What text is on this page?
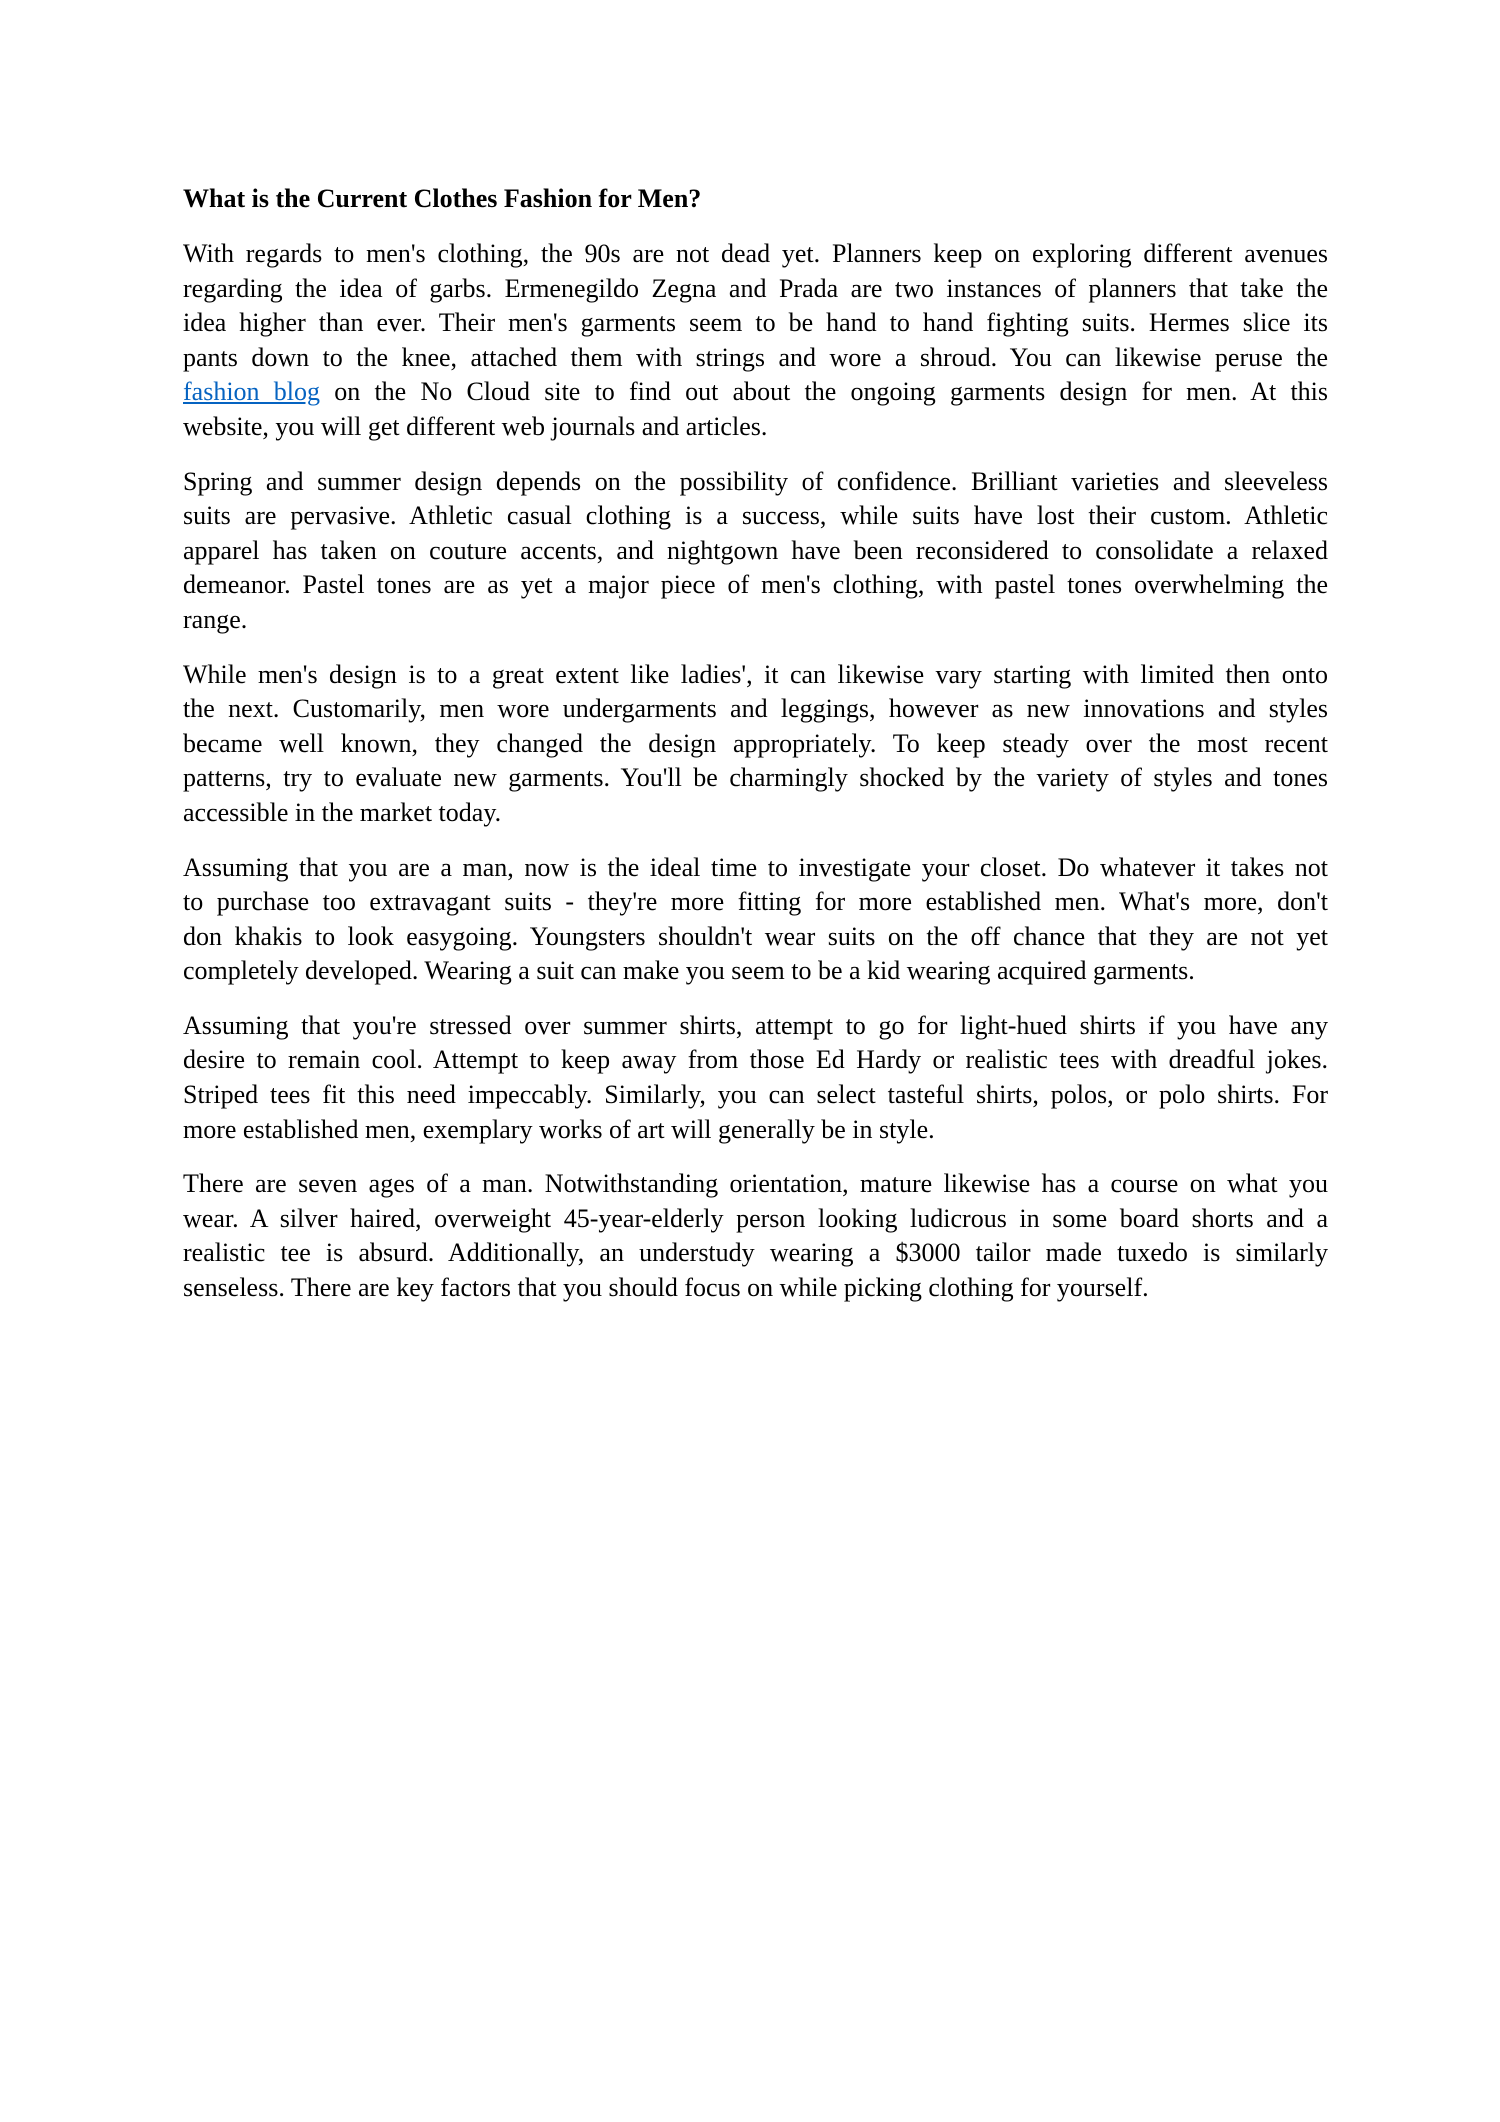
What is the Current Clothes Fashion for Men?
With regards to men's clothing, the 90s are not dead yet. Planners keep on exploring different avenues
regarding the idea of garbs. Ermenegildo Zegna and Prada are two instances of planners that take the
idea higher than ever. Their men's garments seem to be hand to hand fighting suits. Hermes slice its
pants down to the knee, attached them with strings and wore a shroud. You can likewise peruse the
fashion blog on the No Cloud site to find out about the ongoing garments design for men. At this
website, you will get different web journals and articles.
Spring and summer design depends on the possibility of confidence. Brilliant varieties and sleeveless
suits are pervasive. Athletic casual clothing is a success, while suits have lost their custom. Athletic
apparel has taken on couture accents, and nightgown have been reconsidered to consolidate a relaxed
demeanor. Pastel tones are as yet a major piece of men's clothing, with pastel tones overwhelming the
range.
While men's design is to a great extent like ladies', it can likewise vary starting with limited then onto
the next. Customarily, men wore undergarments and leggings, however as new innovations and styles
became well known, they changed the design appropriately. To keep steady over the most recent
patterns, try to evaluate new garments. You'll be charmingly shocked by the variety of styles and tones
accessible in the market today.
Assuming that you are a man, now is the ideal time to investigate your closet. Do whatever it takes not
to purchase too extravagant suits - they're more fitting for more established men. What's more, don't
don khakis to look easygoing. Youngsters shouldn't wear suits on the off chance that they are not yet
completely developed. Wearing a suit can make you seem to be a kid wearing acquired garments.
Assuming that you're stressed over summer shirts, attempt to go for light-hued shirts if you have any
desire to remain cool. Attempt to keep away from those Ed Hardy or realistic tees with dreadful jokes.
Striped tees fit this need impeccably. Similarly, you can select tasteful shirts, polos, or polo shirts. For
more established men, exemplary works of art will generally be in style.
There are seven ages of a man. Notwithstanding orientation, mature likewise has a course on what you
wear. A silver haired, overweight 45-year-elderly person looking ludicrous in some board shorts and a
realistic tee is absurd. Additionally, an understudy wearing a $3000 tailor made tuxedo is similarly
senseless. There are key factors that you should focus on while picking clothing for yourself.
